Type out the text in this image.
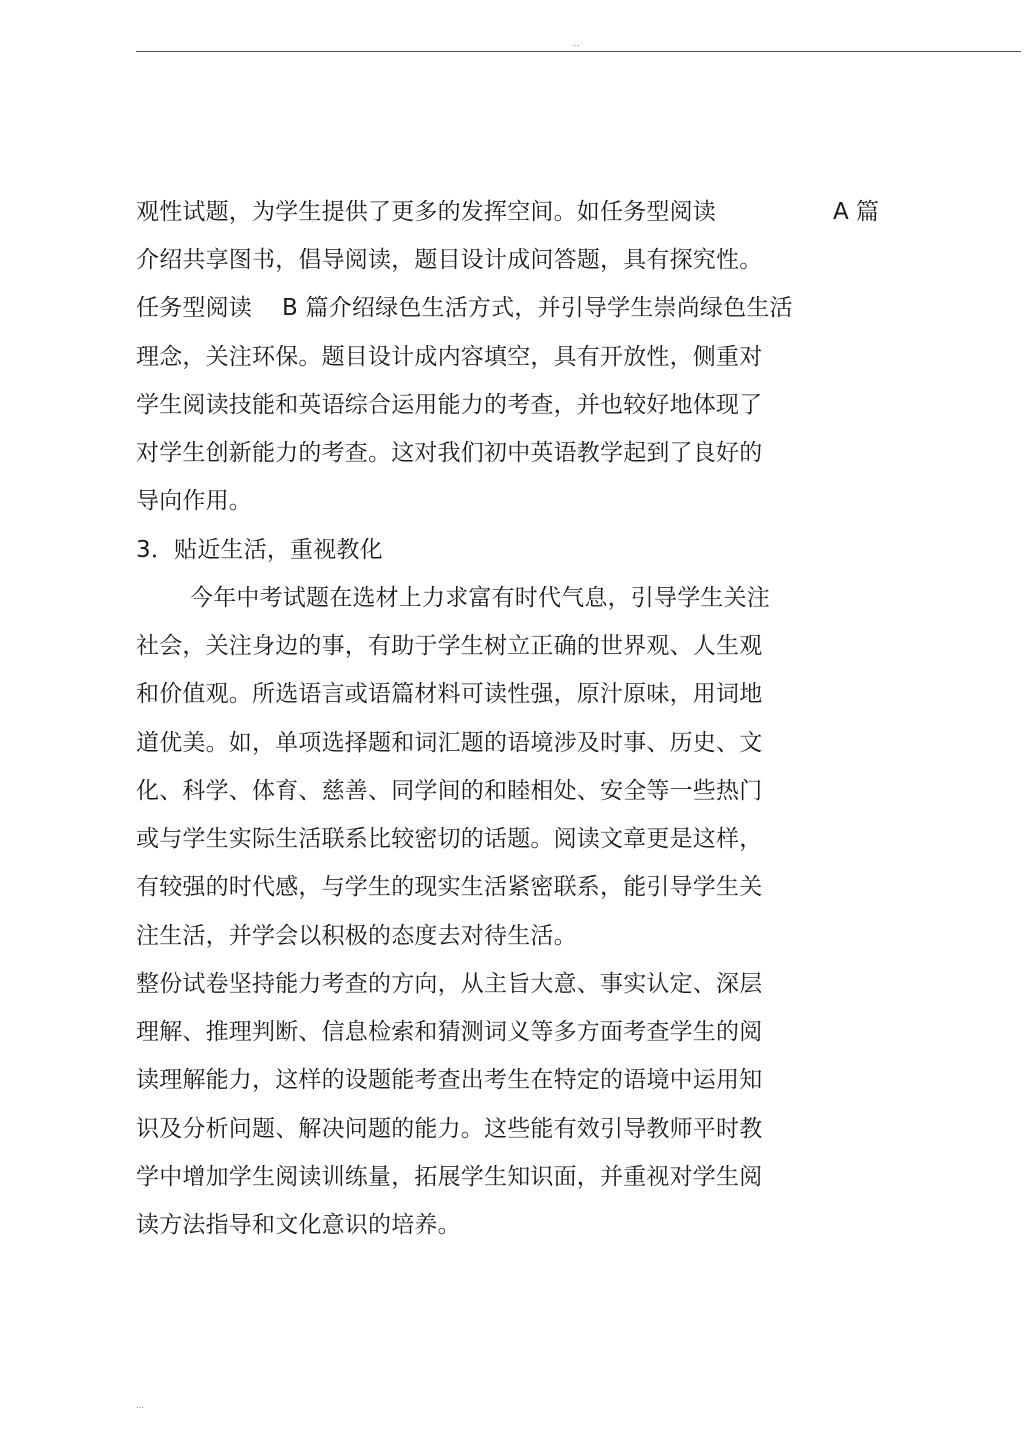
...
观性试题，为学生提供了更多的发挥空间。如任务型阅读	A 篇
介绍共享图书，倡导阅读，题目设计成问答题，具有探究性。
任务型阅读    B 篇介绍绿色生活方式，并引导学生崇尚绿色生活
理念，关注环保。题目设计成内容填空，具有开放性，侧重对
学生阅读技能和英语综合运用能力的考查，并也较好地体现了
对学生创新能力的考查。这对我们初中英语教学起到了良好的
导向作用。
3．贴近生活，重视教化
今年中考试题在选材上力求富有时代气息，引导学生关注
社会，关注身边的事，有助于学生树立正确的世界观、人生观
和价值观。所选语言或语篇材料可读性强，原汁原味，用词地
道优美。如，单项选择题和词汇题的语境涉及时事、历史、文
化、科学、体育、慈善、同学间的和睦相处、安全等一些热门
或与学生实际生活联系比较密切的话题。阅读文章更是这样，
有较强的时代感，与学生的现实生活紧密联系，能引导学生关
注生活，并学会以积极的态度去对待生活。
整份试卷坚持能力考查的方向，从主旨大意、事实认定、深层
理解、推理判断、信息检索和猜测词义等多方面考查学生的阅
读理解能力，这样的设题能考查出考生在特定的语境中运用知
识及分析问题、解决问题的能力。这些能有效引导教师平时教
学中增加学生阅读训练量，拓展学生知识面，并重视对学生阅
读方法指导和文化意识的培养。
...
